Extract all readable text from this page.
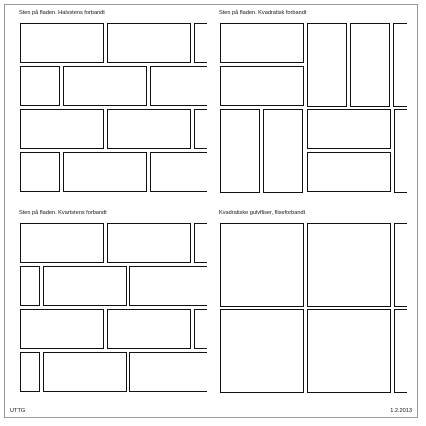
Sten på fladen. Halvstens forbandt	Sten på fladen. Kvadratisk forbandt
Sten på fladen. Kvartstens forbandt	Kvadratiske gulvfliser, fliseforbandt
UTTG	1.2.2013
